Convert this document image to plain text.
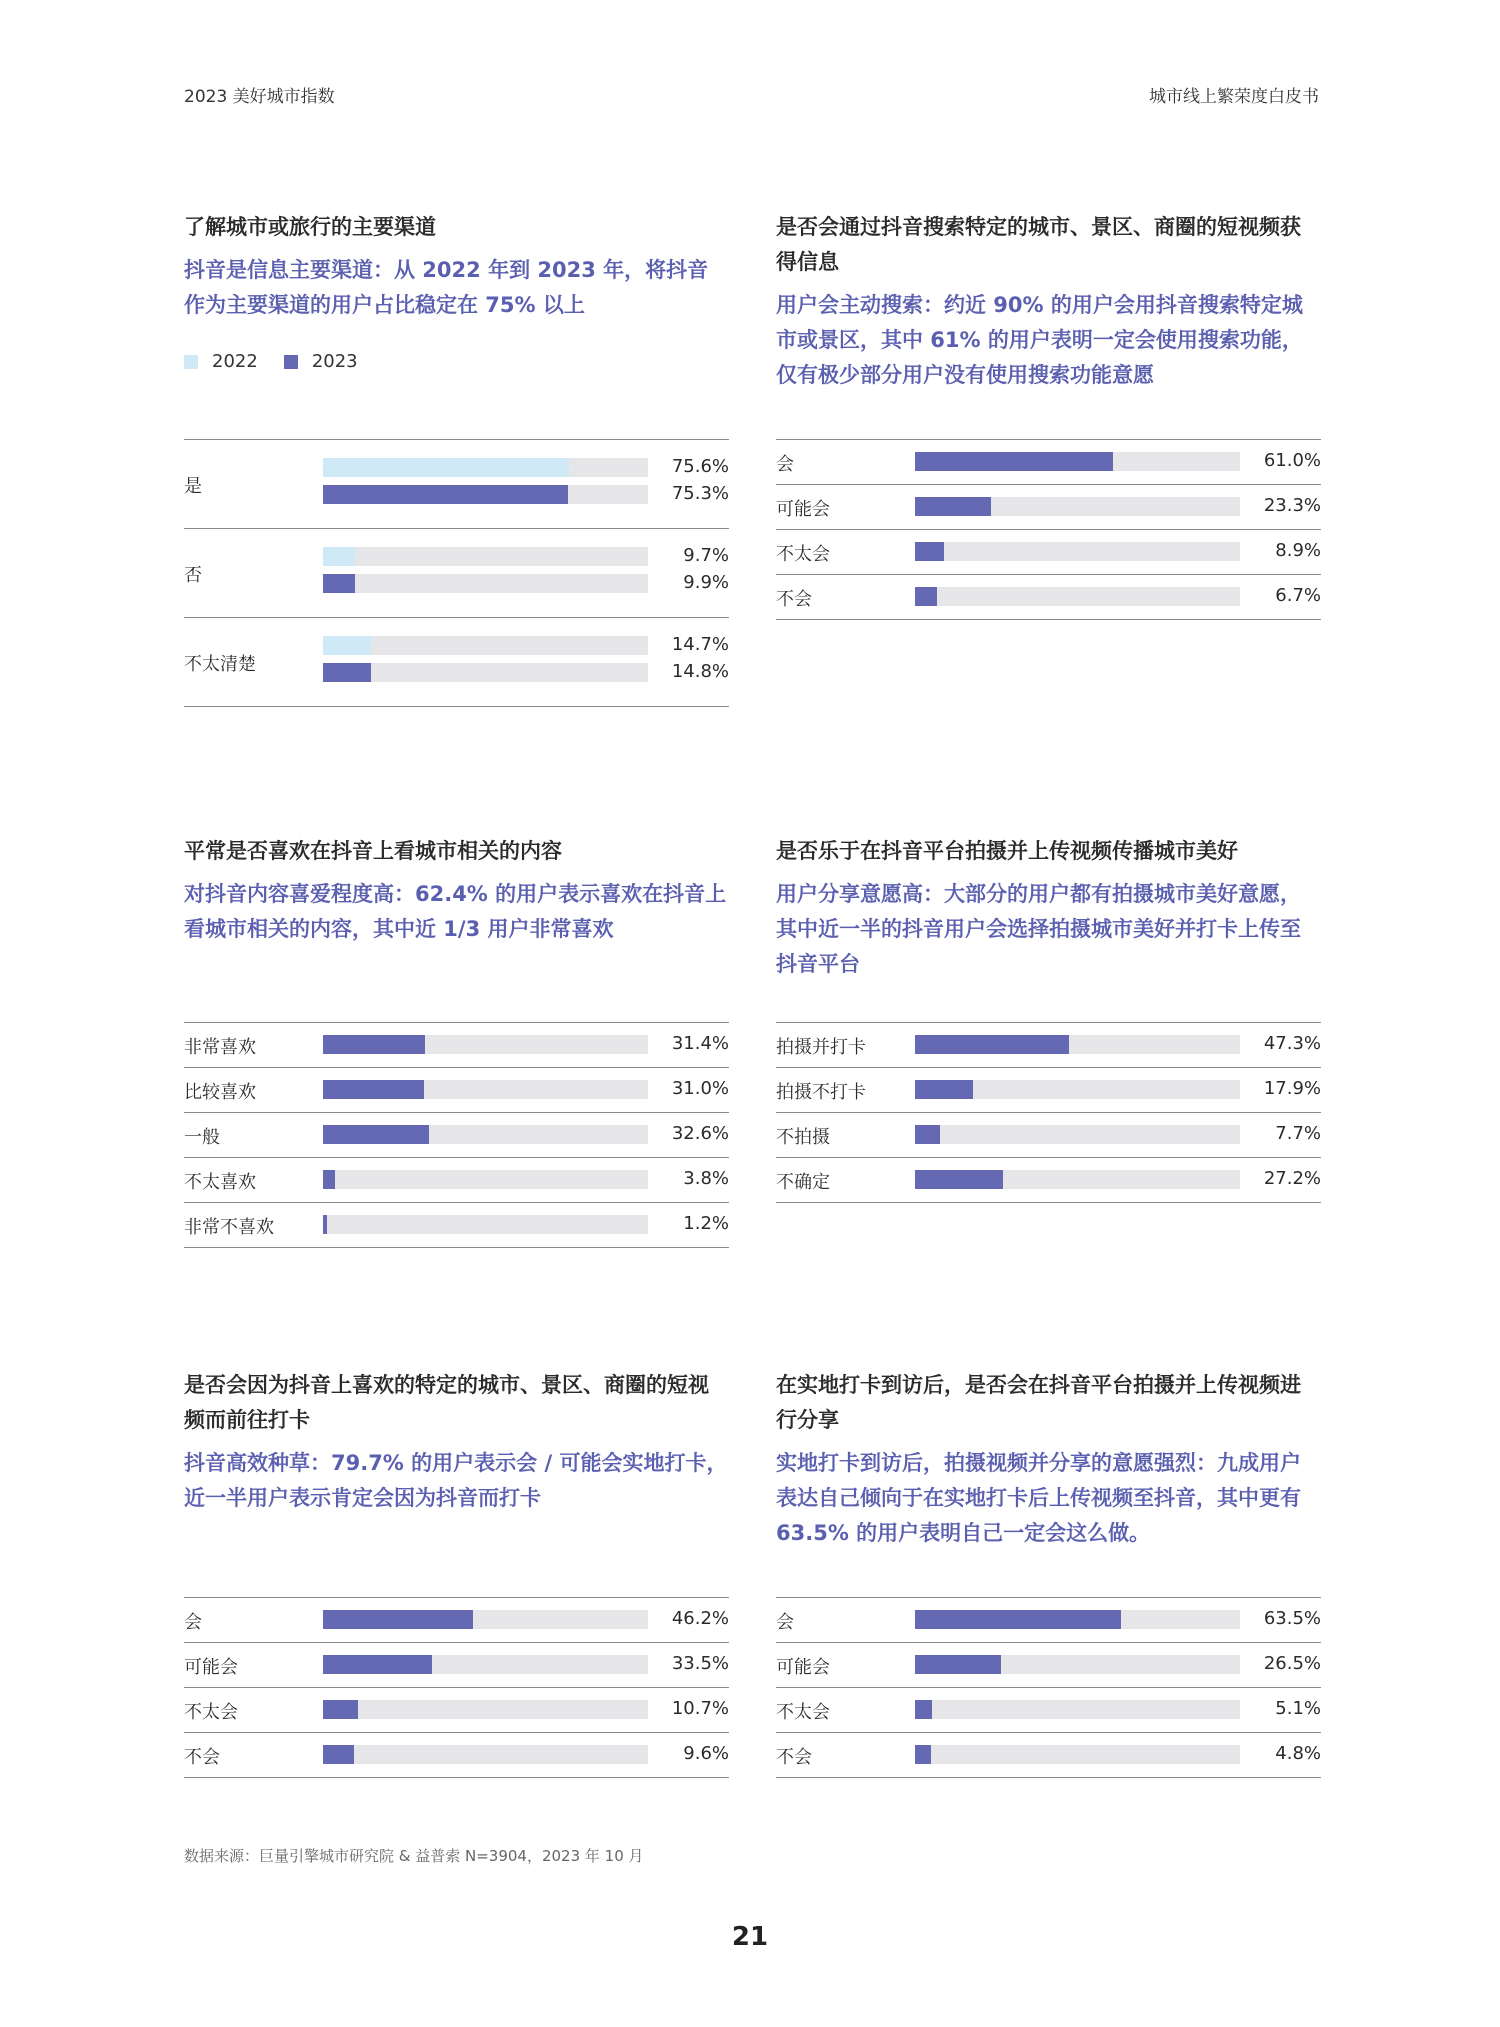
2023 美好城市指数	城市线上繁荣度白皮书
了解城市或旅行的主要渠道

抖音是信息主要渠道：从 2022 年到 2023 年，将抖音作为主要渠道的用户占比稳定在 75% 以上

2022	2023
是
75.6%
75.3%
否
9.7%
9.9%
不太清楚
14.7%
14.8%
是否会通过抖音搜索特定的城市、景区、商圈的短视频获得信息

用户会主动搜索：约近 90% 的用户会用抖音搜索特定城市或景区，其中 61% 的用户表明一定会使用搜索功能，仅有极少部分用户没有使用搜索功能意愿

会	61.0%
可能会	23.3%
不太会	8.9%
不会	6.7%
平常是否喜欢在抖音上看城市相关的内容

对抖音内容喜爱程度高：62.4% 的用户表示喜欢在抖音上看城市相关的内容，其中近 1/3 用户非常喜欢

非常喜欢	31.4%
比较喜欢	31.0%
一般	32.6%
不太喜欢	3.8%
非常不喜欢	1.2%
是否乐于在抖音平台拍摄并上传视频传播城市美好

用户分享意愿高：大部分的用户都有拍摄城市美好意愿，其中近一半的抖音用户会选择拍摄城市美好并打卡上传至抖音平台

拍摄并打卡	47.3%
拍摄不打卡	17.9%
不拍摄	7.7%
不确定	27.2%
是否会因为抖音上喜欢的特定的城市、景区、商圈的短视频而前往打卡

抖音高效种草：79.7% 的用户表示会 / 可能会实地打卡，近一半用户表示肯定会因为抖音而打卡

会	46.2%
可能会	33.5%
不太会	10.7%
不会	9.6%
在实地打卡到访后，是否会在抖音平台拍摄并上传视频进行分享

实地打卡到访后，拍摄视频并分享的意愿强烈：九成用户表达自己倾向于在实地打卡后上传视频至抖音，其中更有 63.5% 的用户表明自己一定会这么做。

会	63.5%
可能会	26.5%
不太会	5.1%
不会	4.8%
数据来源：巨量引擎城市研究院 & 益普索 N=3904，2023 年 10 月
21
